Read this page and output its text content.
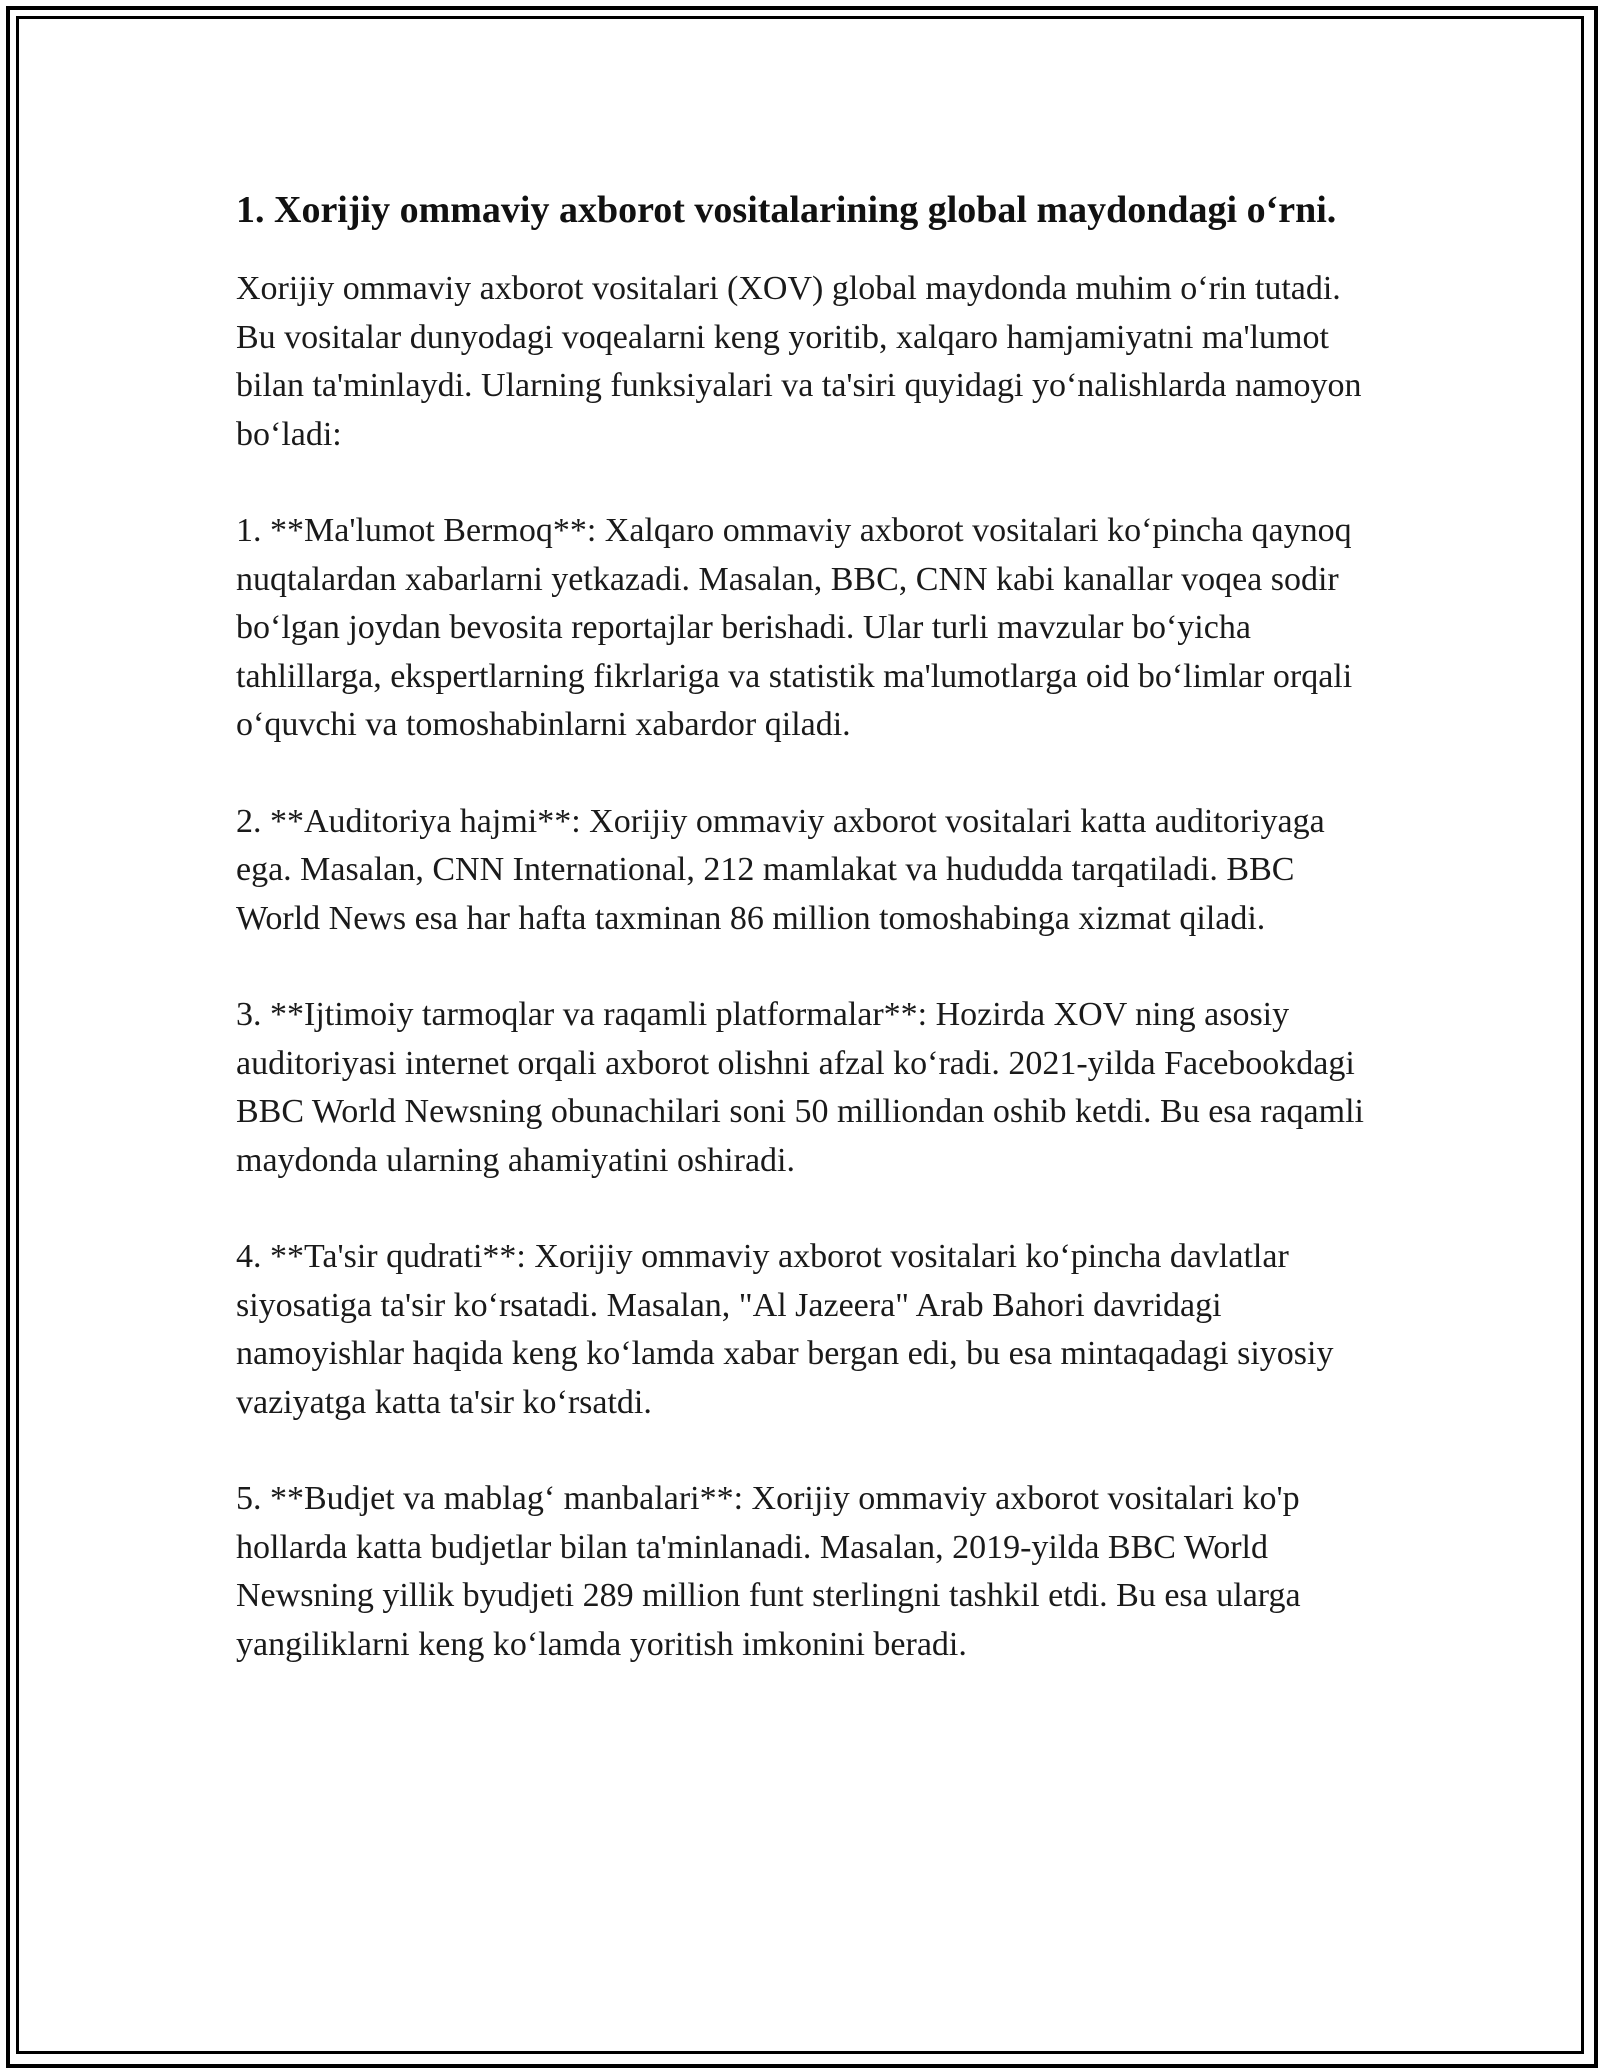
1. Xorijiy ommaviy axborot vositalarining global maydondagi o‘rni.

Xorijiy ommaviy axborot vositalari (XOV) global maydonda muhim o‘rin tutadi. Bu vositalar dunyodagi voqealarni keng yoritib, xalqaro hamjamiyatni ma'lumot bilan ta'minlaydi. Ularning funksiyalari va ta'siri quyidagi yo‘nalishlarda namoyon bo‘ladi:

1. **Ma'lumot Bermoq**: Xalqaro ommaviy axborot vositalari ko‘pincha qaynoq nuqtalardan xabarlarni yetkazadi. Masalan, BBC, CNN kabi kanallar voqea sodir bo‘lgan joydan bevosita reportajlar berishadi. Ular turli mavzular bo‘yicha tahlillarga, ekspertlarning fikrlariga va statistik ma'lumotlarga oid bo‘limlar orqali o‘quvchi va tomoshabinlarni xabardor qiladi.

2. **Auditoriya hajmi**: Xorijiy ommaviy axborot vositalari katta auditoriyaga ega. Masalan, CNN International, 212 mamlakat va hududda tarqatiladi. BBC World News esa har hafta taxminan 86 million tomoshabinga xizmat qiladi.

3. **Ijtimoiy tarmoqlar va raqamli platformalar**: Hozirda XOV ning asosiy auditoriyasi internet orqali axborot olishni afzal ko‘radi. 2021-yilda Facebookdagi BBC World Newsning obunachilari soni 50 milliondan oshib ketdi. Bu esa raqamli maydonda ularning ahamiyatini oshiradi.

4. **Ta'sir qudrati**: Xorijiy ommaviy axborot vositalari ko‘pincha davlatlar siyosatiga ta'sir ko‘rsatadi. Masalan, "Al Jazeera" Arab Bahori davridagi namoyishlar haqida keng ko‘lamda xabar bergan edi, bu esa mintaqadagi siyosiy vaziyatga katta ta'sir ko‘rsatdi.

5. **Budjet va mablag‘ manbalari**: Xorijiy ommaviy axborot vositalari ko'p hollarda katta budjetlar bilan ta'minlanadi. Masalan, 2019-yilda BBC World Newsning yillik byudjeti 289 million funt sterlingni tashkil etdi. Bu esa ularga yangiliklarni keng ko‘lamda yoritish imkonini beradi.
